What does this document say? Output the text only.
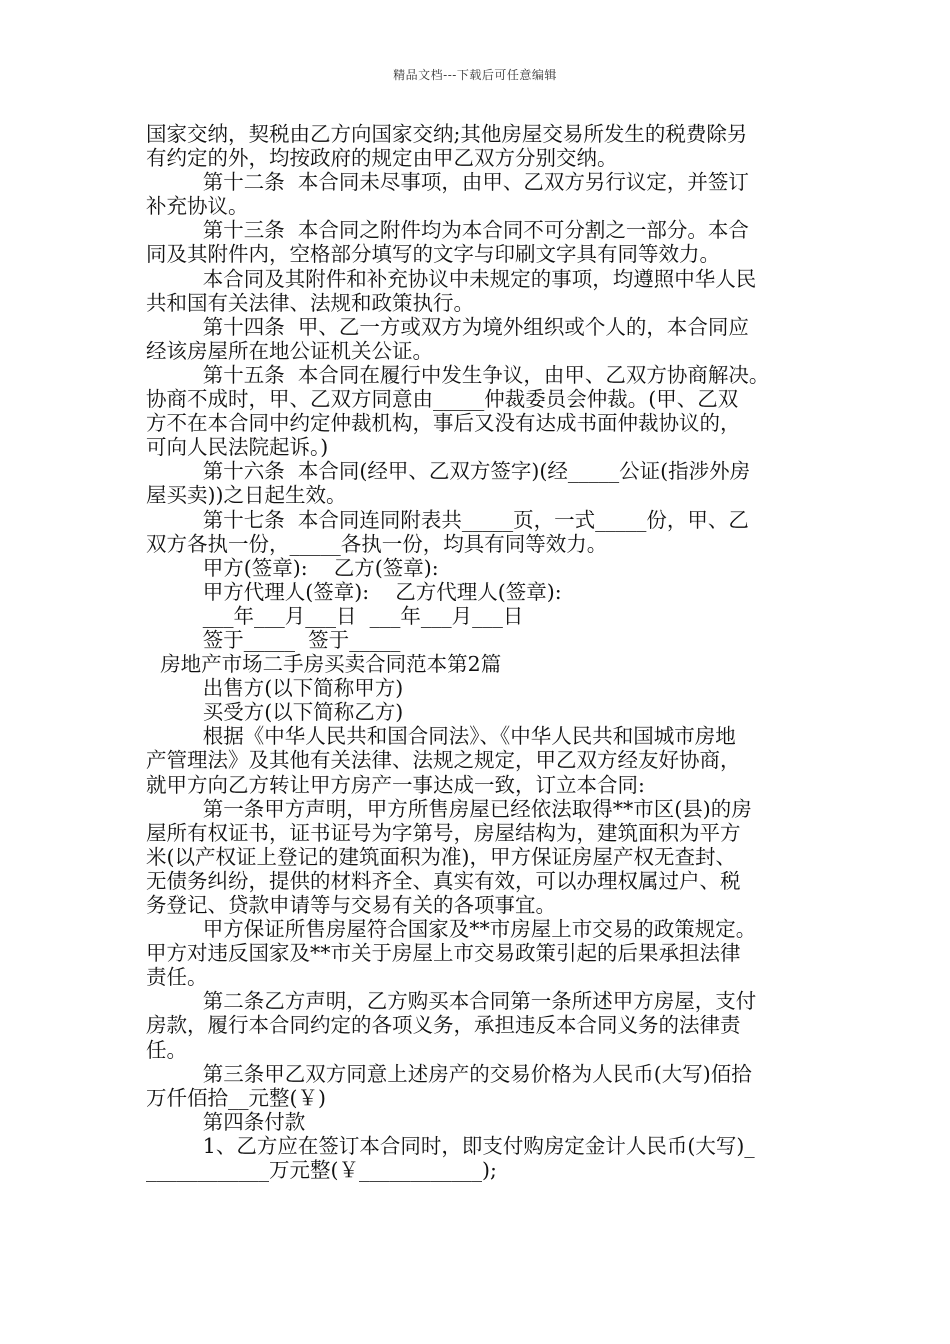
精品文档---下载后可任意编辑
国家交纳，契税由乙方向国家交纳;其他房屋交易所发生的税费除另
有约定的外，均按政府的规定由甲乙双方分别交纳。
第十二条  本合同未尽事项，由甲、乙双方另行议定，并签订
补充协议。
第十三条  本合同之附件均为本合同不可分割之一部分。本合
同及其附件内，空格部分填写的文字与印刷文字具有同等效力。
本合同及其附件和补充协议中未规定的事项，均遵照中华人民
共和国有关法律、法规和政策执行。
第十四条  甲、乙一方或双方为境外组织或个人的，本合同应
经该房屋所在地公证机关公证。
第十五条  本合同在履行中发生争议，由甲、乙双方协商解决。
协商不成时，甲、乙双方同意由_____仲裁委员会仲裁。(甲、乙双
方不在本合同中约定仲裁机构，事后又没有达成书面仲裁协议的，
可向人民法院起诉。)
第十六条  本合同(经甲、乙双方签字)(经_____公证(指涉外房
屋买卖))之日起生效。
第十七条  本合同连同附表共_____页，一式_____份，甲、乙
双方各执一份，_____各执一份，均具有同等效力。
甲方(签章):    乙方(签章):
甲方代理人(签章):    乙方代理人(签章):
___年___月___日  ___年___月___日
签于_____  签于_____
房地产市场二手房买卖合同范本第2篇
出售方(以下简称甲方)
买受方(以下简称乙方)
根据《中华人民共和国合同法》、《中华人民共和国城市房地
产管理法》及其他有关法律、法规之规定，甲乙双方经友好协商，
就甲方向乙方转让甲方房产一事达成一致，订立本合同:
第一条甲方声明，甲方所售房屋已经依法取得**市区(县)的房
屋所有权证书，证书证号为字第号，房屋结构为，建筑面积为平方
米(以产权证上登记的建筑面积为准)，甲方保证房屋产权无查封、
无债务纠纷，提供的材料齐全、真实有效，可以办理权属过户、税
务登记、贷款申请等与交易有关的各项事宜。
甲方保证所售房屋符合国家及**市房屋上市交易的政策规定。
甲方对违反国家及**市关于房屋上市交易政策引起的后果承担法律
责任。
第二条乙方声明，乙方购买本合同第一条所述甲方房屋，支付
房款，履行本合同约定的各项义务，承担违反本合同义务的法律责
任。
第三条甲乙双方同意上述房产的交易价格为人民币(大写)佰拾
万仟佰拾__元整(￥)
第四条付款
1、乙方应在签订本合同时，即支付购房定金计人民币(大写)_
____________万元整(￥____________);
